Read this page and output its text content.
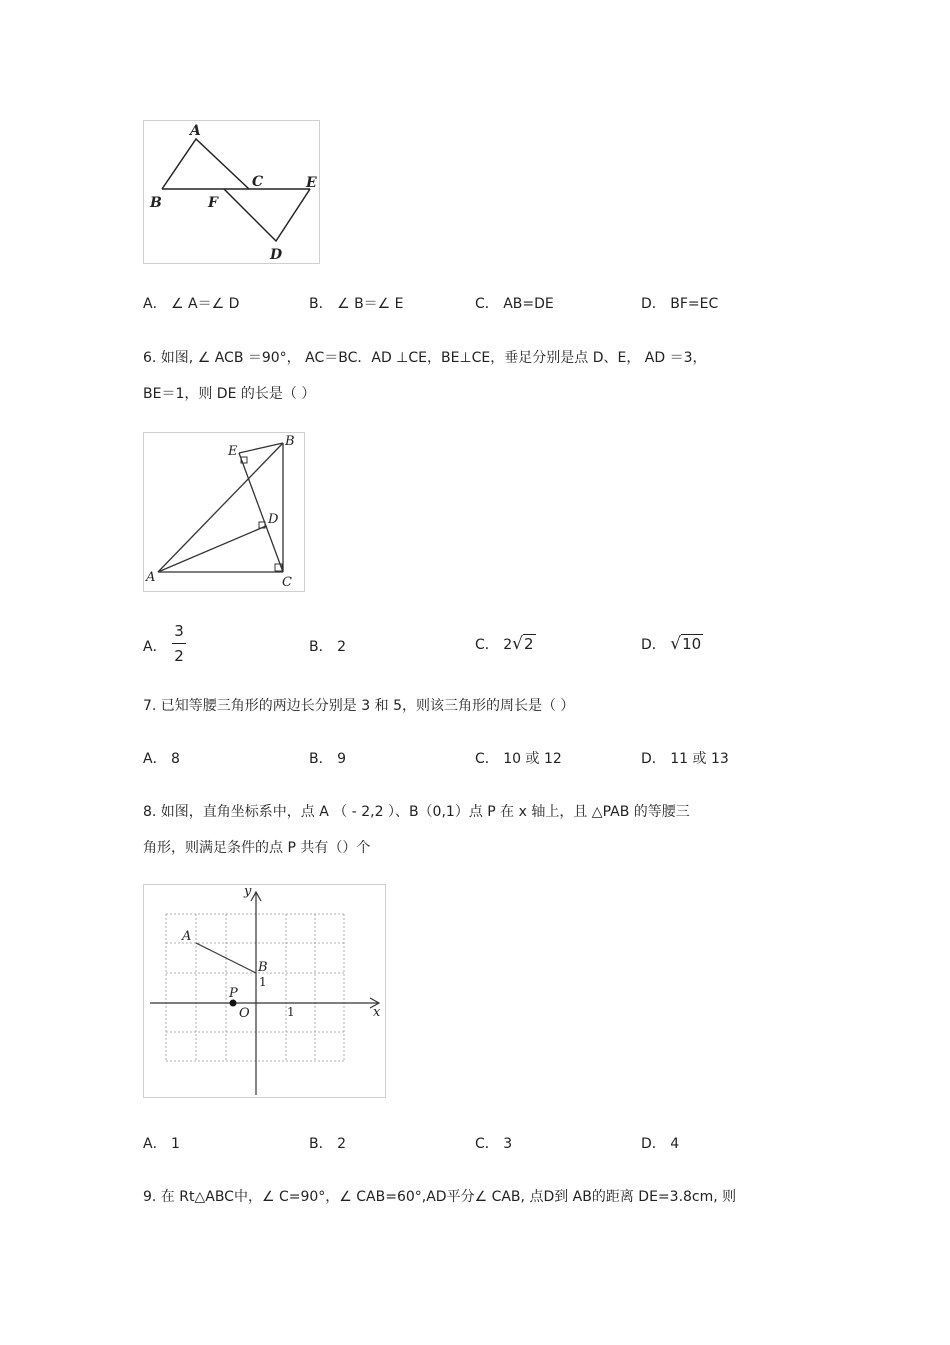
A
B
C	E
F
D
A． ∠ A＝∠ D	B． ∠ B＝∠ E	C． AB=DE	D． BF=EC
6. 如图, ∠ ACB ＝90°， AC＝BC．AD ⊥CE，BE⊥CE，垂足分别是点 D、E， AD ＝3，
BE＝1，则 DE 的长是（ ）
E
B
D
A	C
A．
3
2	B． 2	C． 2√2	D． √10
7. 已知等腰三角形的两边长分别是 3 和 5，则该三角形的周长是（ ）
A． 8	B． 9	C． 10 或 12	D． 11 或 13
8. 如图，直角坐标系中，点 A （ - 2,2 ）、B（0,1）点 P 在 x 轴上，且 △PAB 的等腰三
角形，则满足条件的点 P 共有（）个
y
x
A
B
1
P
O	1
A． 1	B． 2	C． 3	D． 4
9. 在 Rt△ABC中，∠ C=90°，∠ CAB=60°,AD平分∠ CAB, 点D到 AB的距离 DE=3.8cm, 则
